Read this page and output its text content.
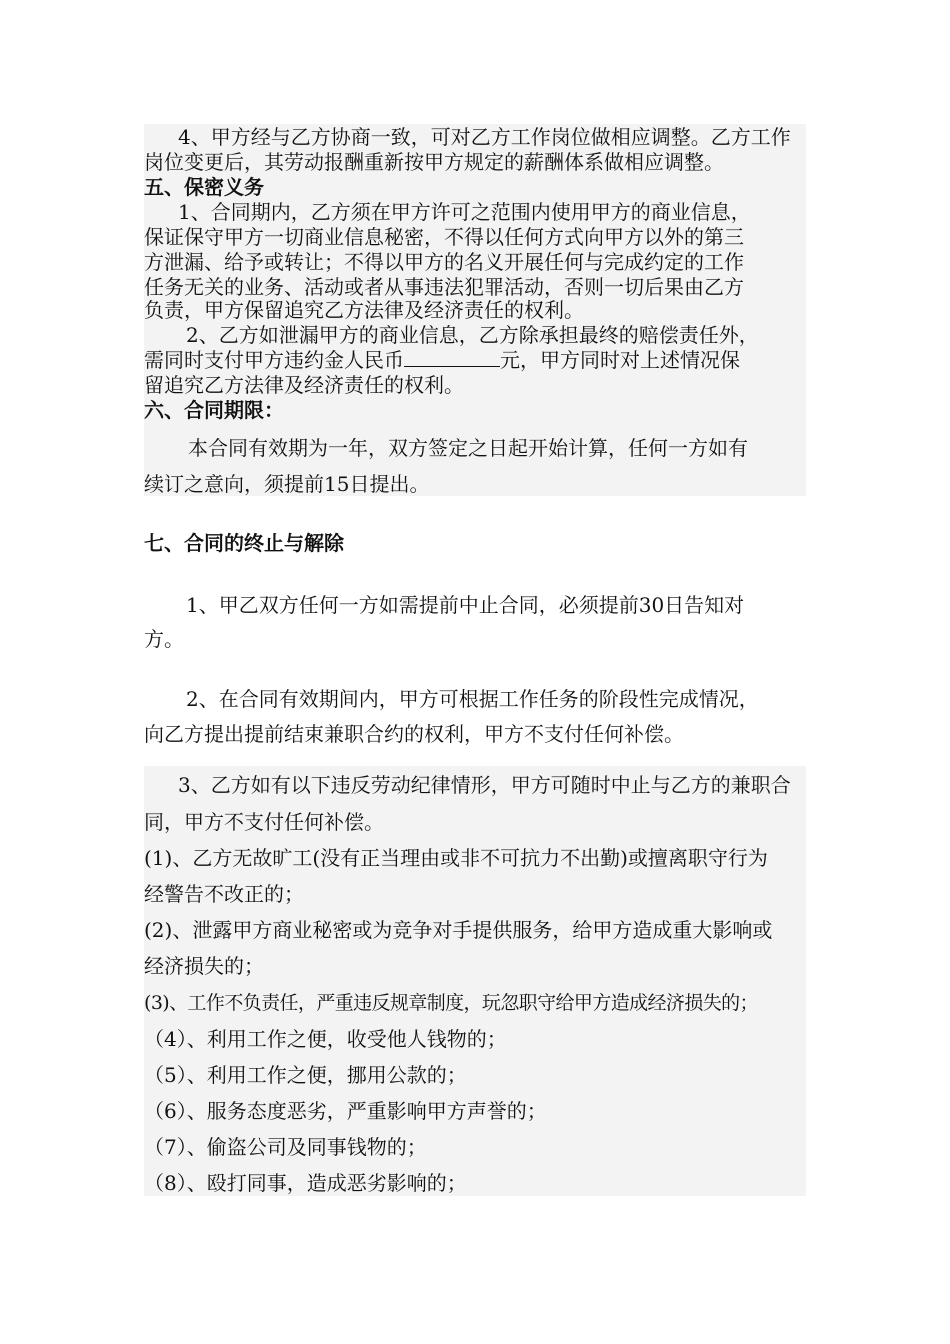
4、甲方经与乙方协商一致，可对乙方工作岗位做相应调整。乙方工作
岗位变更后，其劳动报酬重新按甲方规定的薪酬体系做相应调整。
五、保密义务
1、合同期内，乙方须在甲方许可之范围内使用甲方的商业信息，
保证保守甲方一切商业信息秘密，不得以任何方式向甲方以外的第三
方泄漏、给予或转让；不得以甲方的名义开展任何与完成约定的工作
任务无关的业务、活动或者从事违法犯罪活动，否则一切后果由乙方
负责，甲方保留追究乙方法律及经济责任的权利。
2、乙方如泄漏甲方的商业信息，乙方除承担最终的赔偿责任外，
需同时支付甲方违约金人民币	元，甲方同时对上述情况保
留追究乙方法律及经济责任的权利。
六、合同期限：
本合同有效期为一年，双方签定之日起开始计算，任何一方如有
续订之意向，须提前15日提出。
七、合同的终止与解除
1、甲乙双方任何一方如需提前中止合同，必须提前30日告知对
方。
2、在合同有效期间内，甲方可根据工作任务的阶段性完成情况，
向乙方提出提前结束兼职合约的权利，甲方不支付任何补偿。
3、乙方如有以下违反劳动纪律情形，甲方可随时中止与乙方的兼职合
同，甲方不支付任何补偿。
(1)、乙方无故旷工(没有正当理由或非不可抗力不出勤)或擅离职守行为
经警告不改正的；
(2)、泄露甲方商业秘密或为竞争对手提供服务，给甲方造成重大影响或
经济损失的；
(3)、工作不负责任，严重违反规章制度，玩忽职守给甲方造成经济损失的；
（4）、利用工作之便，收受他人钱物的；
（5）、利用工作之便，挪用公款的；
（6）、服务态度恶劣，严重影响甲方声誉的；
（7）、偷盗公司及同事钱物的；
（8）、殴打同事，造成恶劣影响的；
